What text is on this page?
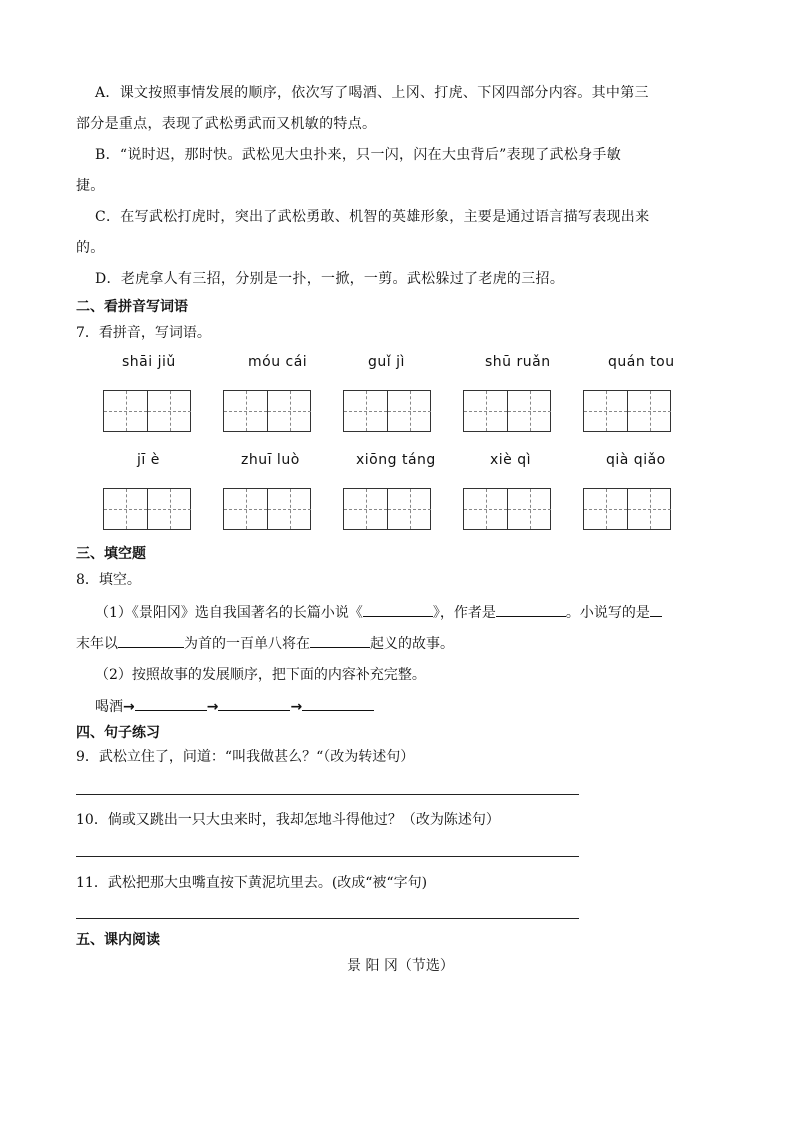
A．课文按照事情发展的顺序，依次写了喝酒、上冈、打虎、下冈四部分内容。其中第三
部分是重点，表现了武松勇武而又机敏的特点。
B．“说时迟，那时快。武松见大虫扑来，只一闪，闪在大虫背后”表现了武松身手敏
捷。
C．在写武松打虎时，突出了武松勇敢、机智的英雄形象，主要是通过语言描写表现出来
的。
D．老虎拿人有三招，分别是一扑，一掀，一剪。武松躲过了老虎的三招。
二、看拼音写词语
7．看拼音，写词语。
shāi jiǔ	móu cái	guǐ jì	shū ruǎn	quán tou
jī è	zhuī luò	xiōng táng	xiè qì	qià qiǎo
三、填空题
8．填空。
（1）《景阳冈》选自我国著名的长篇小说《	》，作者是	。小说写的是
末年以	为首的一百单八将在	起义的故事。
（2）按照故事的发展顺序，把下面的内容补充完整。
喝酒→	→	→
四、句子练习
9．武松立住了，问道：“叫我做甚么？“（改为转述句）
10．倘或又跳出一只大虫来时，我却怎地斗得他过？（改为陈述句）
11．武松把那大虫嘴直按下黄泥坑里去。(改成“被“字句)
五、课内阅读
景 阳 冈（节选）
